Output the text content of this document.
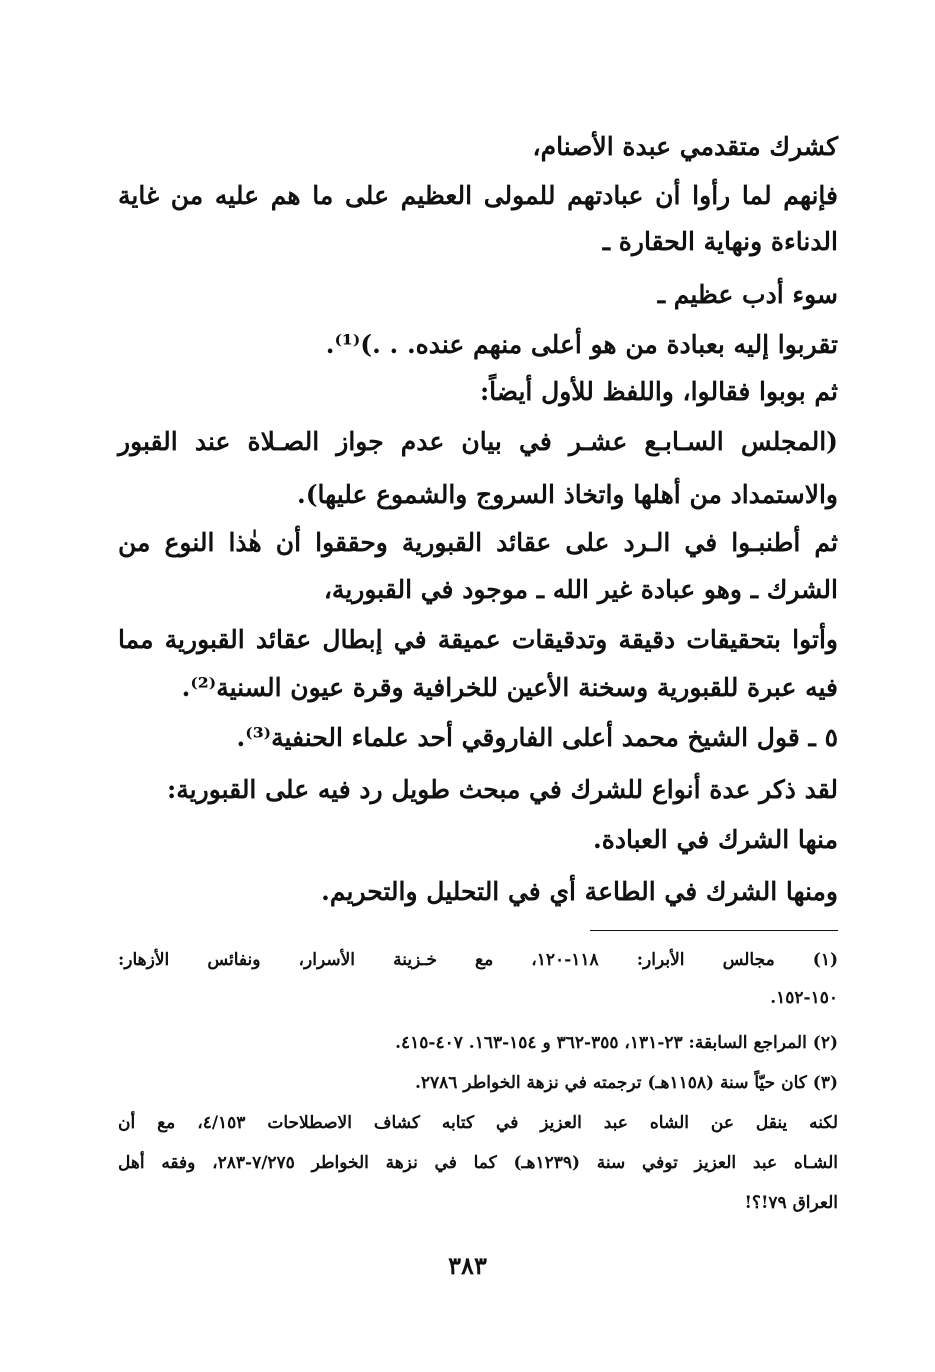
كشرك متقدمي عبدة الأصنام،
فإنهم لما رأوا أن عبادتهم للمولى العظيم على ما هم عليه من غاية
الدناءة ونهاية الحقارة ـ
سوء أدب عظيم ـ
تقربوا إليه بعبادة من هو أعلى منهم عنده. . .)⁽¹⁾.
ثم بوبوا فقالوا، واللفظ للأول أيضاً:
(المجلس السـابـع عشـر في بيان عدم جواز الصـلاة عند القبور
والاستمداد من أهلها واتخاذ السروج والشموع عليها).
ثم أطنبـوا في الـرد على عقائد القبورية وحققوا أن هٰذا النوع من
الشرك ـ وهو عبادة غير الله ـ موجود في القبورية،
وأتوا بتحقيقات دقيقة وتدقيقات عميقة في إبطال عقائد القبورية مما
فيه عبرة للقبورية وسخنة الأعين للخرافية وقرة عيون السنية⁽²⁾.
٥ ـ قول الشيخ محمد أعلى الفاروقي أحد علماء الحنفية⁽³⁾.
لقد ذكر عدة أنواع للشرك في مبحث طويل رد فيه على القبورية:
منها الشرك في العبادة.
ومنها الشرك في الطاعة أي في التحليل والتحريم.
(١) مجالس الأبرار: ١١٨-١٢٠، مع خـزينة الأسرار، ونفائس الأزهار:
١٥٠-١٥٢.
(٢) المراجع السابقة: ٢٣-١٣١، ٣٥٥-٣٦٢ و ١٥٤-١٦٣. ٤٠٧-٤١٥.
(٣) كان حيّاً سنة (١١٥٨هـ) ترجمته في نزهة الخواطر ٢٧٨٦.
لكنه ينقل عن الشاه عبد العزيز في كتابه كشاف الاصطلاحات ٤/١٥٣، مع أن
الشـاه عبد العزيز توفي سنة (١٢٣٩هـ) كما في نزهة الخواطر ٧/٢٧٥-٢٨٣، وفقه أهل
العراق ٧٩!؟!
٣٨٣
